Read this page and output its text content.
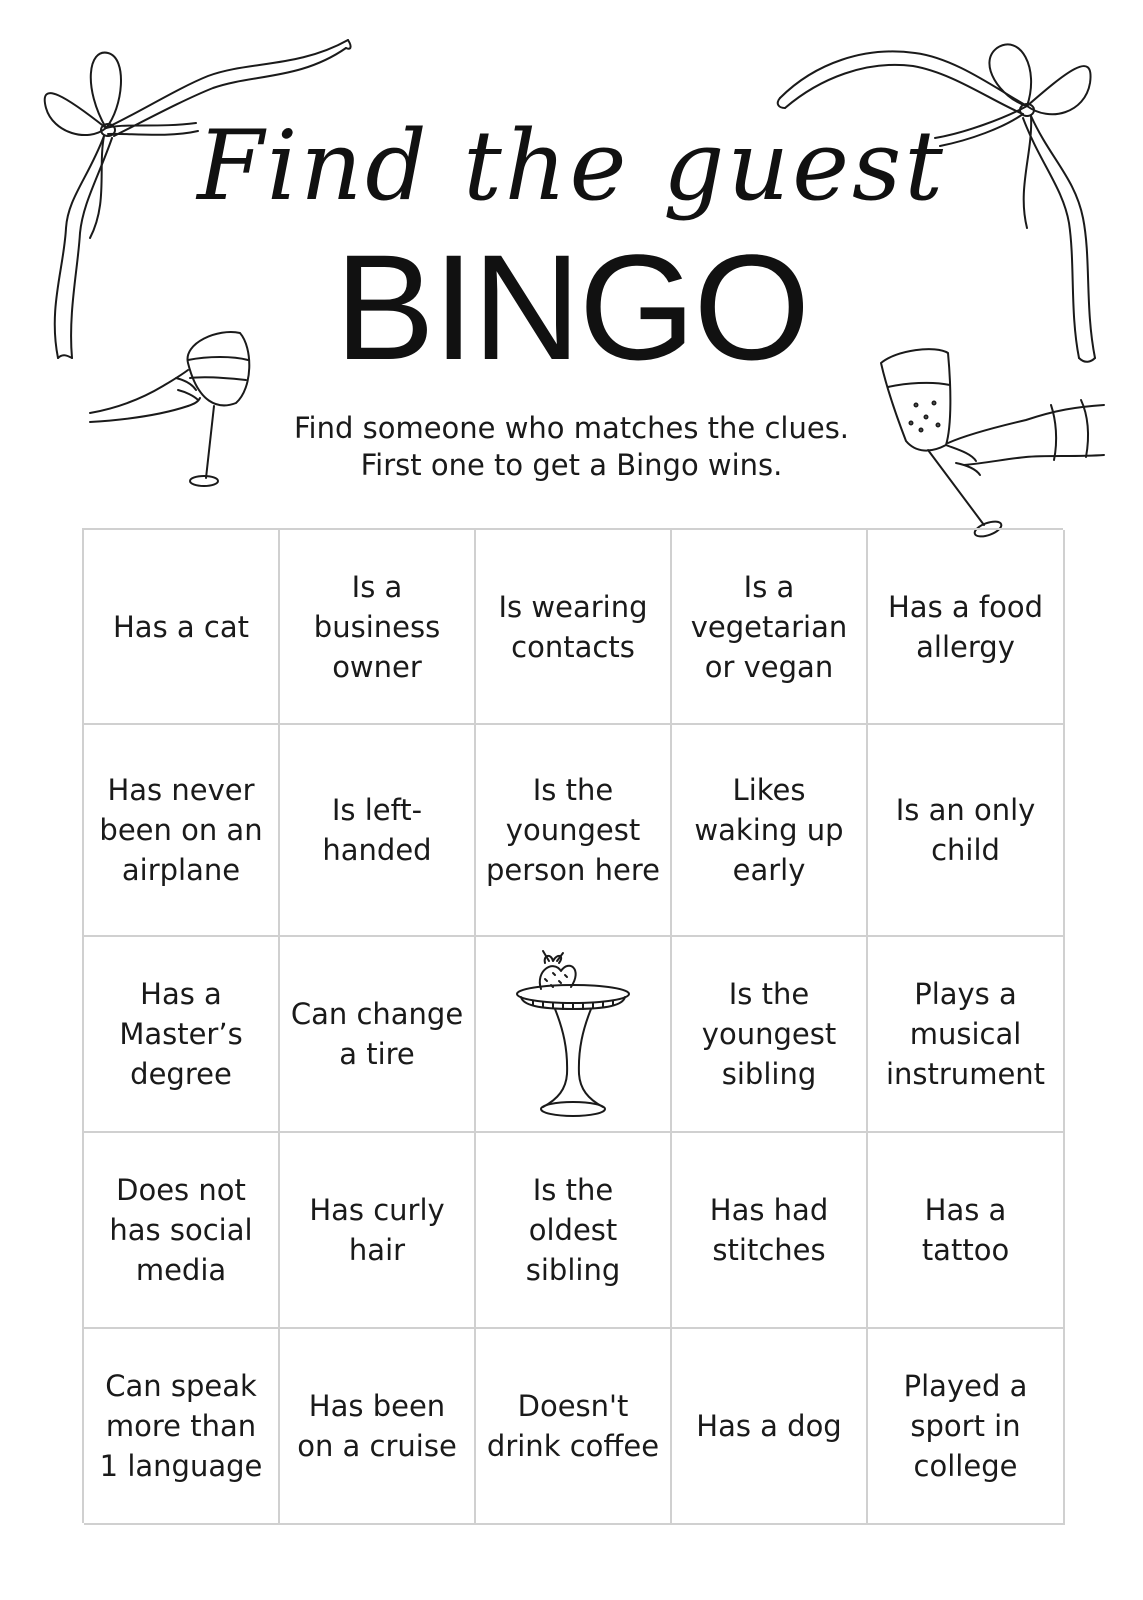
Find the guest
BINGO
Find someone who matches the clues.
First one to get a Bingo wins.
Has a cat
Is a business owner
Is wearing contacts
Is a vegetarian or vegan
Has a food allergy
Has never been on an airplane
Is left-handed
Is the youngest person here
Likes waking up early
Is an only child
Has a Master’s degree
Can change a tire
Is the youngest sibling
Plays a musical instrument
Does not has social media
Has curly hair
Is the oldest sibling
Has had stitches
Has a tattoo
Can speak more than 1 language
Has been on a cruise
Doesn't drink coffee
Has a dog
Played a sport in college
